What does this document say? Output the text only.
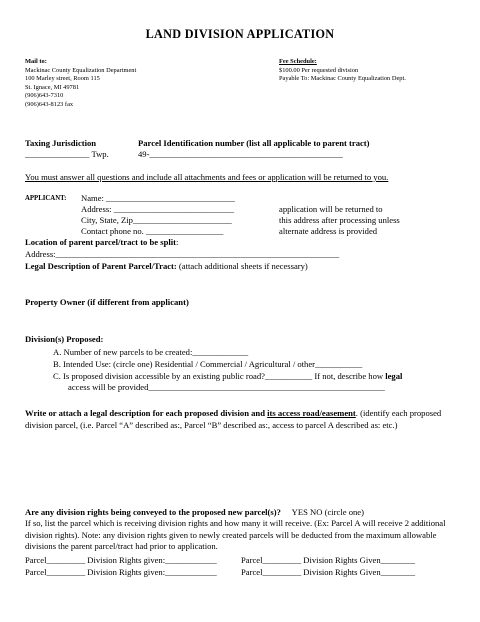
LAND DIVISION APPLICATION
Mail to:
Mackinac County Equalization Department
100 Marley street, Room 115
St. Ignace, MI 49781
(906)643-7310
(906)643-8123 fax
Fee Schedule:
$100.00 Per requested division
Payable To: Mackinac County Equalization Dept.
Taxing Jurisdiction
_______________ Twp.
Parcel Identification number (list all applicable to parent tract)
49-_____________________________________________
You must answer all questions and include all attachments and fees or application will be returned to you.
APPLICANT: Name: ______________________________
Address: ____________________________
City, State, Zip_______________________
Contact phone no. __________________
application will be returned to
this address after processing unless
alternate address is provided
Location of parent parcel/tract to be split:
Address:__________________________________________________________________
Legal Description of Parent Parcel/Tract: (attach additional sheets if necessary)
Property Owner (if different from applicant)
Division(s) Proposed:
A. Number of new parcels to be created:_____________
B. Intended Use: (circle one) Residential / Commercial / Agricultural / other___________
C. Is proposed division accessible by an existing public road?___________ If not, describe how legal
access will be provided_______________________________________________________
Write or attach a legal description for each proposed division and its access road/easement. (identify each proposed division parcel, (i.e. Parcel “A” described as:, Parcel “B” described as:, access to parcel A described as: etc.)
Are any division rights being conveyed to the proposed new parcel(s)? YES NO (circle one)
If so, list the parcel which is receiving division rights and how many it will receive. (Ex: Parcel A will receive 2 additional division rights). Note: any division rights given to newly created parcels will be deducted from the maximum allowable divisions the parent parcel/tract had prior to application.
Parcel_________ Division Rights given:____________	Parcel_________ Division Rights Given________
Parcel_________ Division Rights given:____________	Parcel_________ Division Rights Given________
